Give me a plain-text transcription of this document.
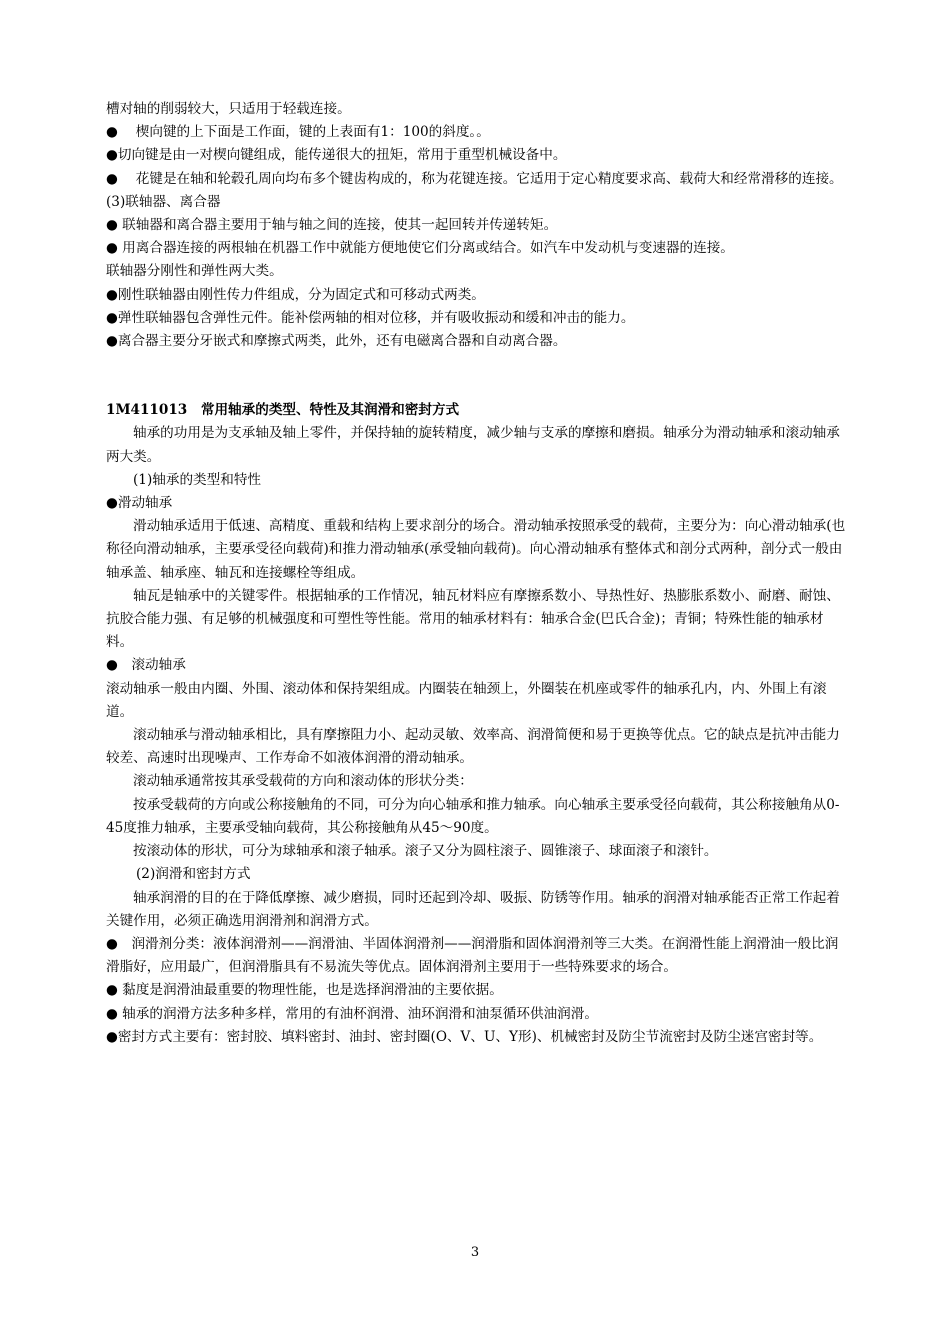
槽对轴的削弱较大，只适用于轻载连接。

●　 楔向键的上下面是工作面，键的上表面有1：100的斜度。。

●切向键是由一对楔向键组成，能传递很大的扭矩，常用于重型机械设备中。

●　 花键是在轴和轮毂孔周向均布多个键齿构成的，称为花键连接。它适用于定心精度要求高、载荷大和经常滑移的连接。

(3)联轴器、离合器

● 联轴器和离合器主要用于轴与轴之间的连接，使其一起回转并传递转矩。

● 用离合器连接的两根轴在机器工作中就能方便地使它们分离或结合。如汽车中发动机与变速器的连接。

联轴器分刚性和弹性两大类。

●刚性联轴器由刚性传力件组成，分为固定式和可移动式两类。

●弹性联轴器包含弹性元件。能补偿两轴的相对位移，并有吸收振动和缓和冲击的能力。

●离合器主要分牙嵌式和摩擦式两类，此外，还有电磁离合器和自动离合器。

1M411013　常用轴承的类型、特性及其润滑和密封方式

轴承的功用是为支承轴及轴上零件，并保持轴的旋转精度，减少轴与支承的摩擦和磨损。轴承分为滑动轴承和滚动轴承两大类。

(1)轴承的类型和特性

●滑动轴承

滑动轴承适用于低速、高精度、重载和结构上要求剖分的场合。滑动轴承按照承受的载荷，主要分为：向心滑动轴承(也称径向滑动轴承，主要承受径向载荷)和推力滑动轴承(承受轴向载荷)。向心滑动轴承有整体式和剖分式两种，剖分式一般由轴承盖、轴承座、轴瓦和连接螺栓等组成。

轴瓦是轴承中的关键零件。根据轴承的工作情况，轴瓦材料应有摩擦系数小、导热性好、热膨胀系数小、耐磨、耐蚀、抗胶合能力强、有足够的机械强度和可塑性等性能。常用的轴承材料有：轴承合金(巴氏合金)；青铜；特殊性能的轴承材料。

●　滚动轴承

滚动轴承一般由内圈、外围、滚动体和保持架组成。内圈装在轴颈上，外圈装在机座或零件的轴承孔内，内、外围上有滚道。

滚动轴承与滑动轴承相比，具有摩擦阻力小、起动灵敏、效率高、润滑简便和易于更换等优点。它的缺点是抗冲击能力较差、高速时出现噪声、工作寿命不如液体润滑的滑动轴承。

滚动轴承通常按其承受载荷的方向和滚动体的形状分类：

按承受载荷的方向或公称接触角的不同，可分为向心轴承和推力轴承。向心轴承主要承受径向载荷，其公称接触角从0-45度推力轴承，主要承受轴向载荷，其公称接触角从45～90度。

按滚动体的形状，可分为球轴承和滚子轴承。滚子又分为圆柱滚子、圆锥滚子、球面滚子和滚针。

(2)润滑和密封方式

轴承润滑的目的在于降低摩擦、减少磨损，同时还起到冷却、吸振、防锈等作用。轴承的润滑对轴承能否正常工作起着关键作用，必须正确选用润滑剂和润滑方式。

●　润滑剂分类：液体润滑剂——润滑油、半固体润滑剂——润滑脂和固体润滑剂等三大类。在润滑性能上润滑油一般比润滑脂好，应用最广，但润滑脂具有不易流失等优点。固体润滑剂主要用于一些特殊要求的场合。

● 黏度是润滑油最重要的物理性能，也是选择润滑油的主要依据。

● 轴承的润滑方法多种多样，常用的有油杯润滑、油环润滑和油泵循环供油润滑。

●密封方式主要有：密封胶、填料密封、油封、密封圈(O、V、U、Y形)、机械密封及防尘节流密封及防尘迷宫密封等。

3
